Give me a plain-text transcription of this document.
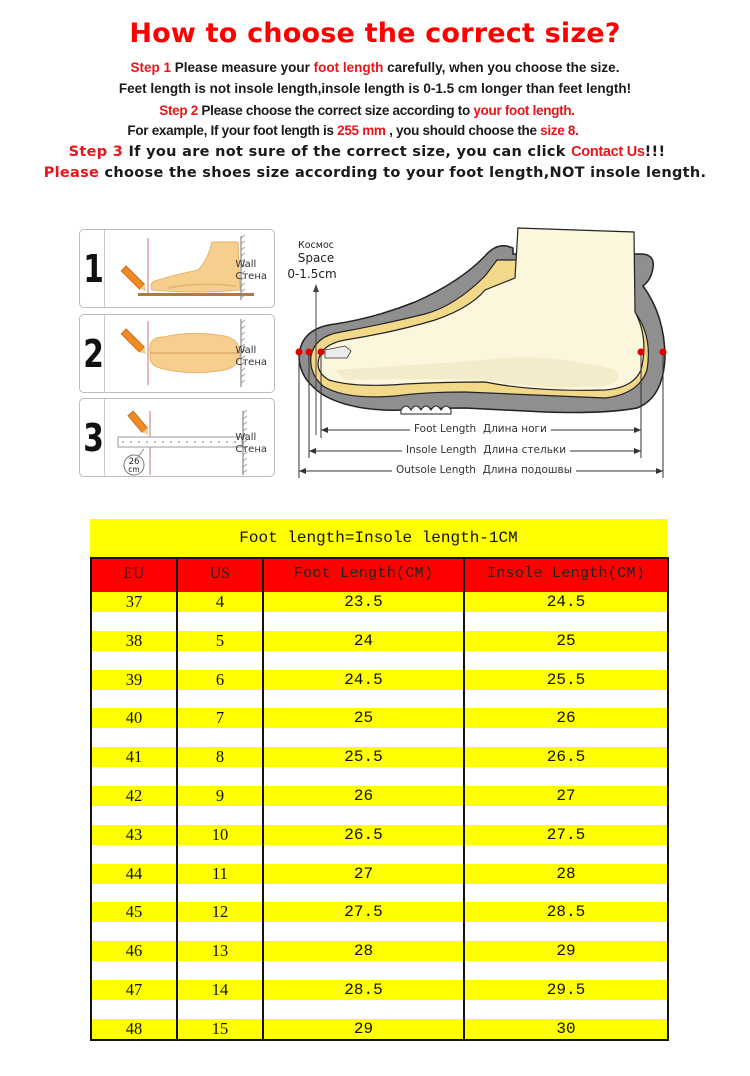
How to choose the correct size?
Step 1 Please measure your foot length carefully, when you choose the size.
Feet length is not insole length,insole length is 0-1.5 cm longer than feet length!
Step 2 Please choose the correct size according to your foot length.
For example, If your foot length is 255 mm , you should choose the size 8.
Step 3 If you are not sure of the correct size, you can click Contact Us!!!
Please choose the shoes size according to your foot length,NOT insole length.
1	Wall
Стена
2	Wall
Стена
3
26
cm
Wall
Стена
Космос
Space
0-1.5cm
Foot Length Длина ноги
Insole Length Длина стельки
Outsole Length Длина подошвы
Foot length=Insole length-1CM
EU	US	Foot Length(CM)	Insole Length(CM)

37	4	23.5	24.5

38	5	24	25

39	6	24.5	25.5

40	7	25	26

41	8	25.5	26.5

42	9	26	27

43	10	26.5	27.5

44	11	27	28

45	12	27.5	28.5

46	13	28	29

47	14	28.5	29.5

48	15	29	30
